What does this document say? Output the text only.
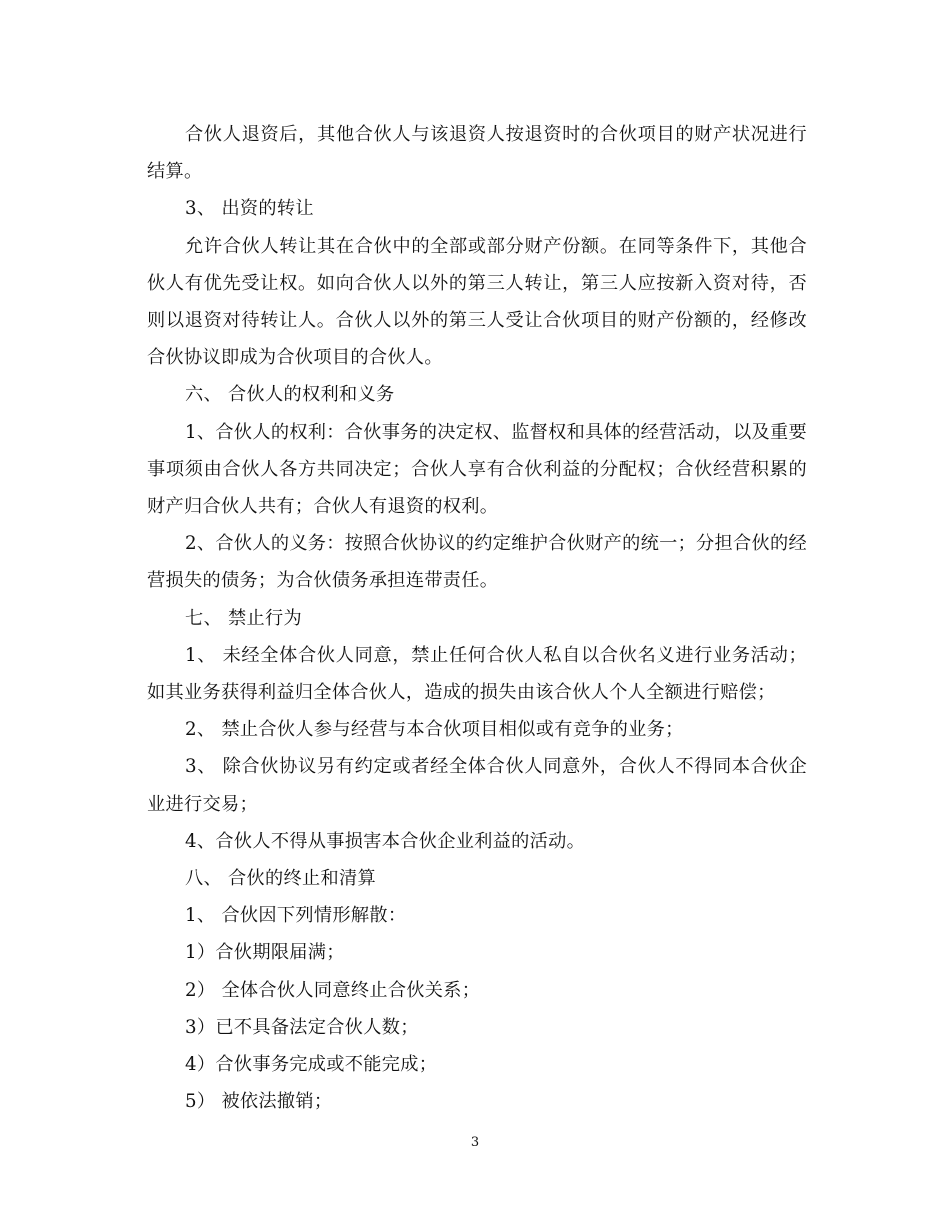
合伙人退资后，其他合伙人与该退资人按退资时的合伙项目的财产状况进行结算。

3、 出资的转让

允许合伙人转让其在合伙中的全部或部分财产份额。在同等条件下，其他合伙人有优先受让权。如向合伙人以外的第三人转让，第三人应按新入资对待，否则以退资对待转让人。合伙人以外的第三人受让合伙项目的财产份额的，经修改合伙协议即成为合伙项目的合伙人。

六、 合伙人的权利和义务

1、合伙人的权利：合伙事务的决定权、监督权和具体的经营活动，以及重要事项须由合伙人各方共同决定；合伙人享有合伙利益的分配权；合伙经营积累的财产归合伙人共有；合伙人有退资的权利。

2、合伙人的义务：按照合伙协议的约定维护合伙财产的统一；分担合伙的经营损失的债务；为合伙债务承担连带责任。

七、 禁止行为

1、 未经全体合伙人同意，禁止任何合伙人私自以合伙名义进行业务活动；如其业务获得利益归全体合伙人，造成的损失由该合伙人个人全额进行赔偿；

2、 禁止合伙人参与经营与本合伙项目相似或有竞争的业务；

3、 除合伙协议另有约定或者经全体合伙人同意外，合伙人不得同本合伙企业进行交易；

4、合伙人不得从事损害本合伙企业利益的活动。

八、 合伙的终止和清算

1、 合伙因下列情形解散：

1）合伙期限届满；

2） 全体合伙人同意终止合伙关系；

3）已不具备法定合伙人数；

4）合伙事务完成或不能完成；

5） 被依法撤销；

3
